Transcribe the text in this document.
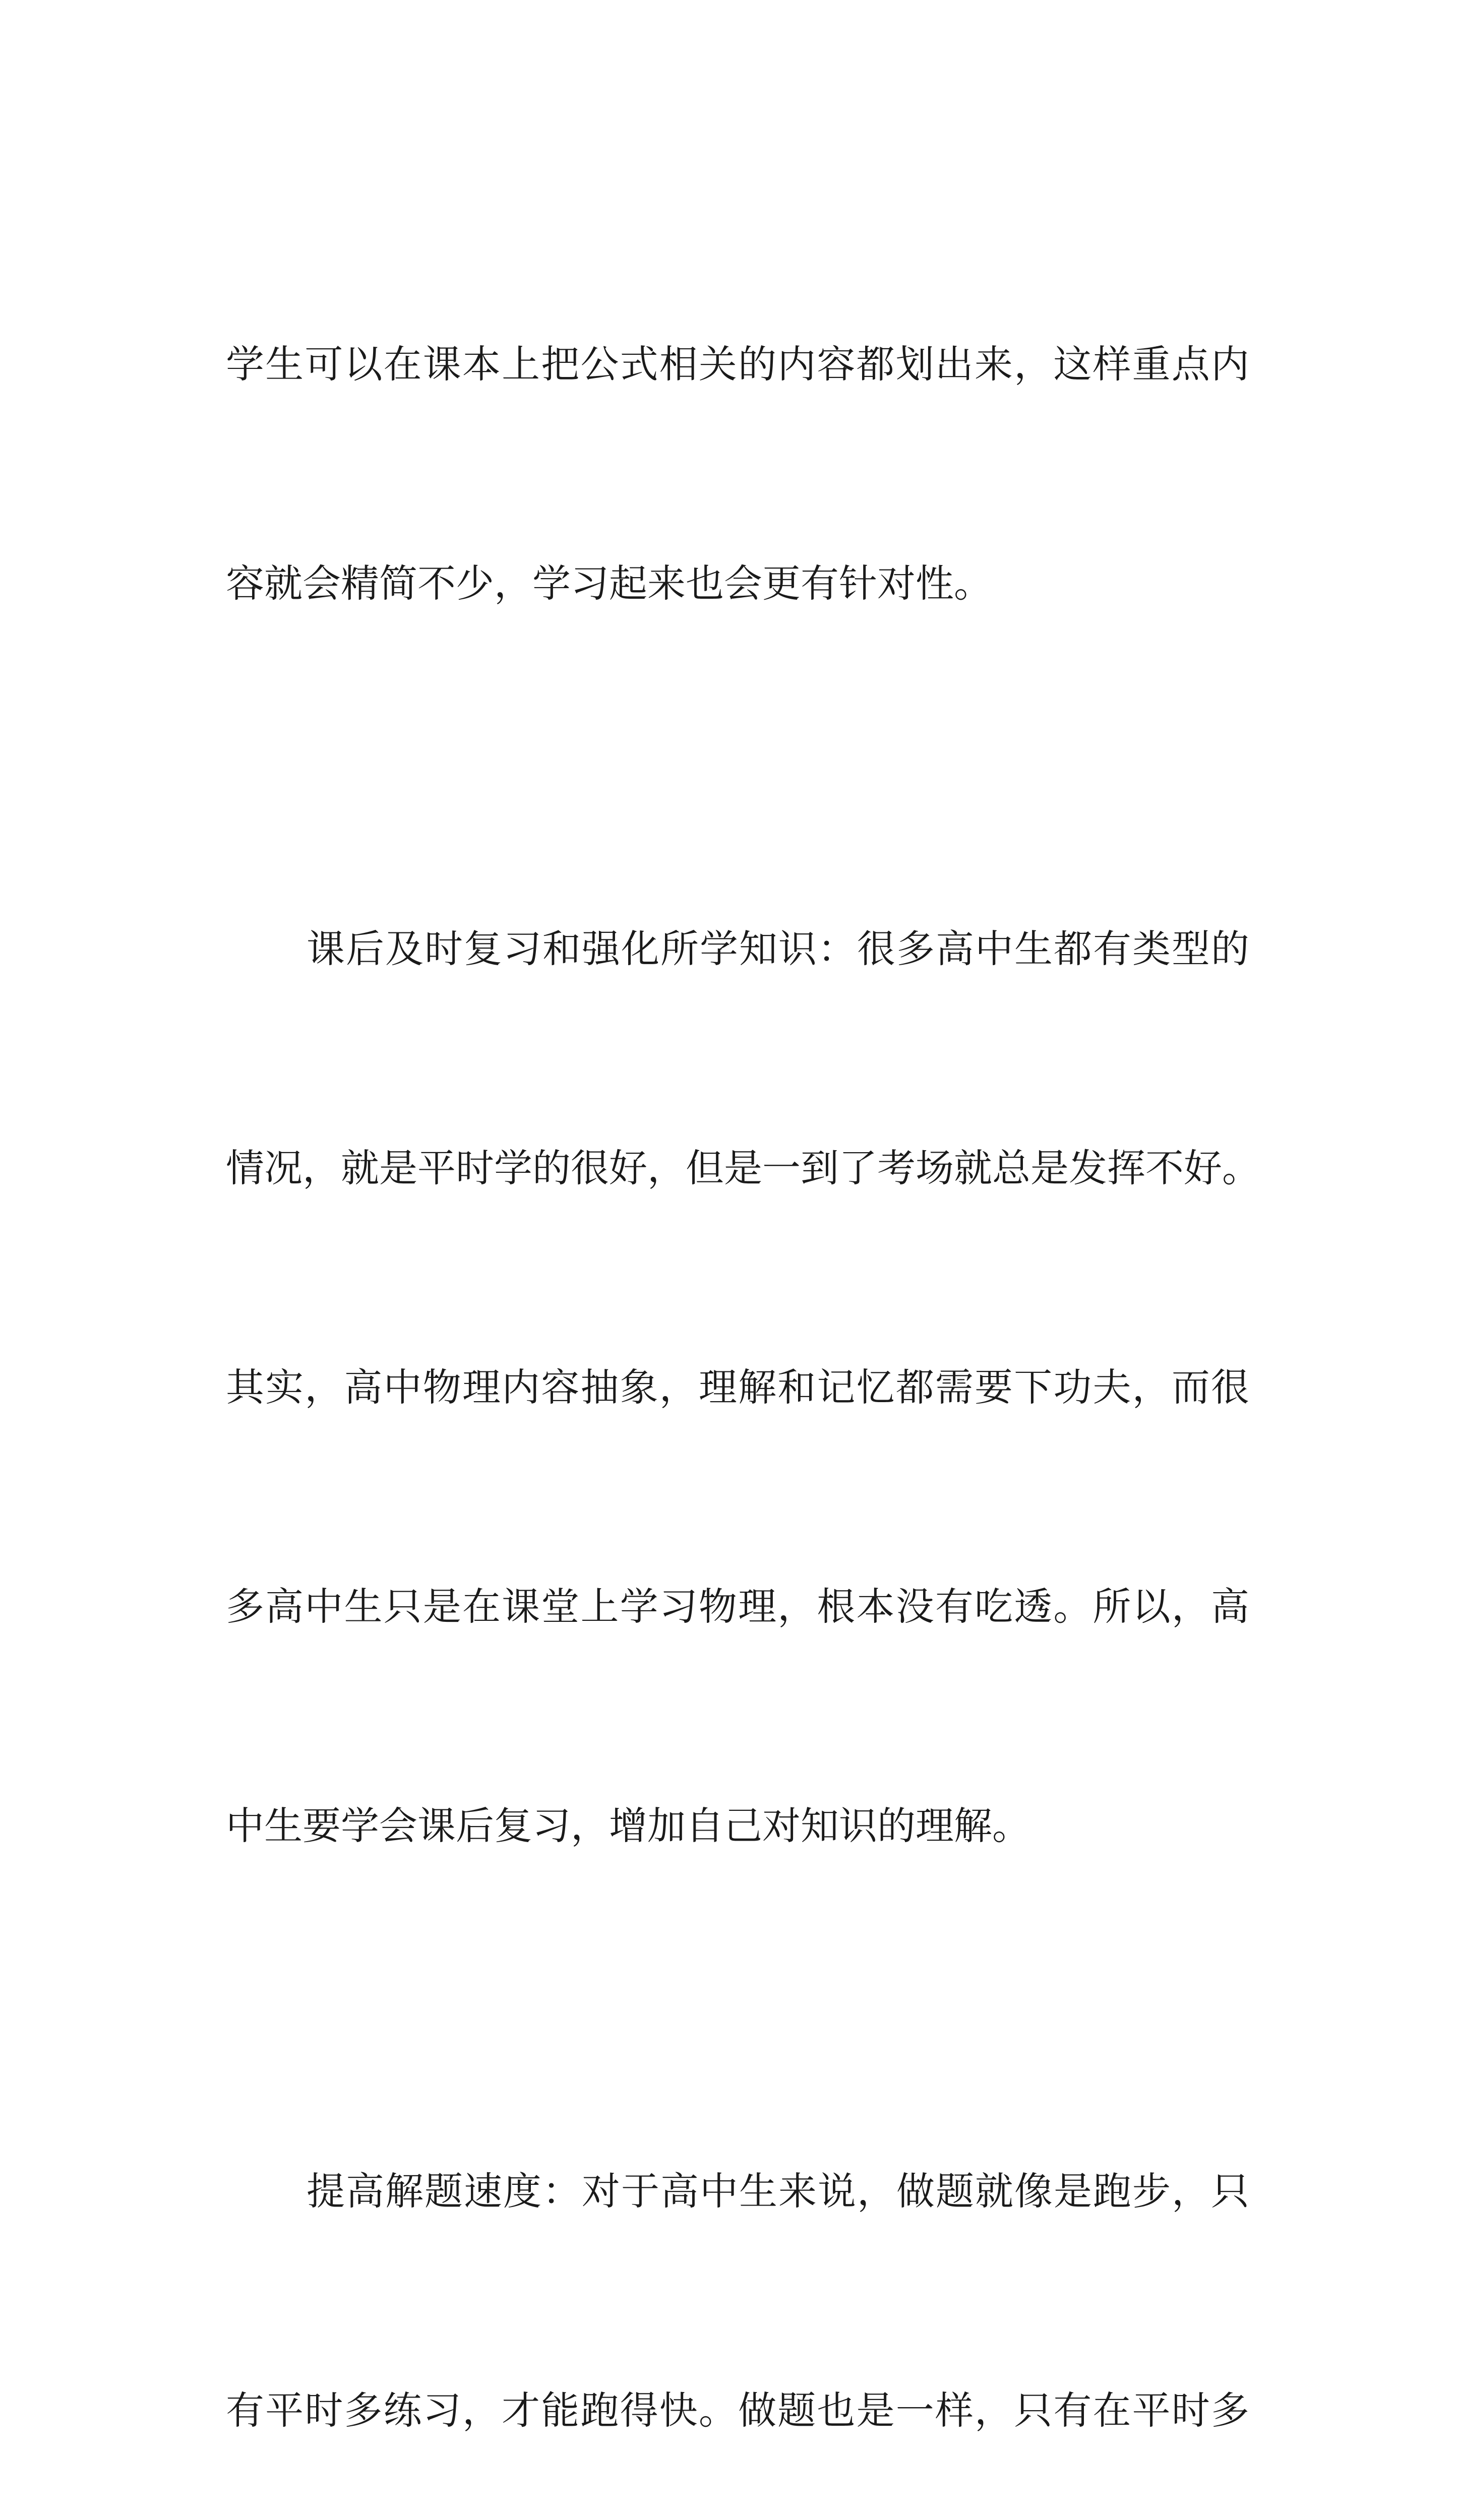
学生可以在课本上把公式相关的内容都划出来，这样重点内

容就会精简不少，学习起来也会更有针对性。

课后及时复习和强化所学知识：很多高中生都有类型的

情况，就是平时学的很好，但是一到了考场就总是发挥不好。

其实，高中物理内容抽象，理解和记忆都需要下功夫，而很

多高中生只是在课堂上学习物理，根本没有吃透。所以，高

中生要学会课后复习，增加自己对知识的理解。

提高解题速度：对于高中生来说，做题就像是跑步，只

有平时多练习，才能跑得快。做题也是一样，只有在平时多
